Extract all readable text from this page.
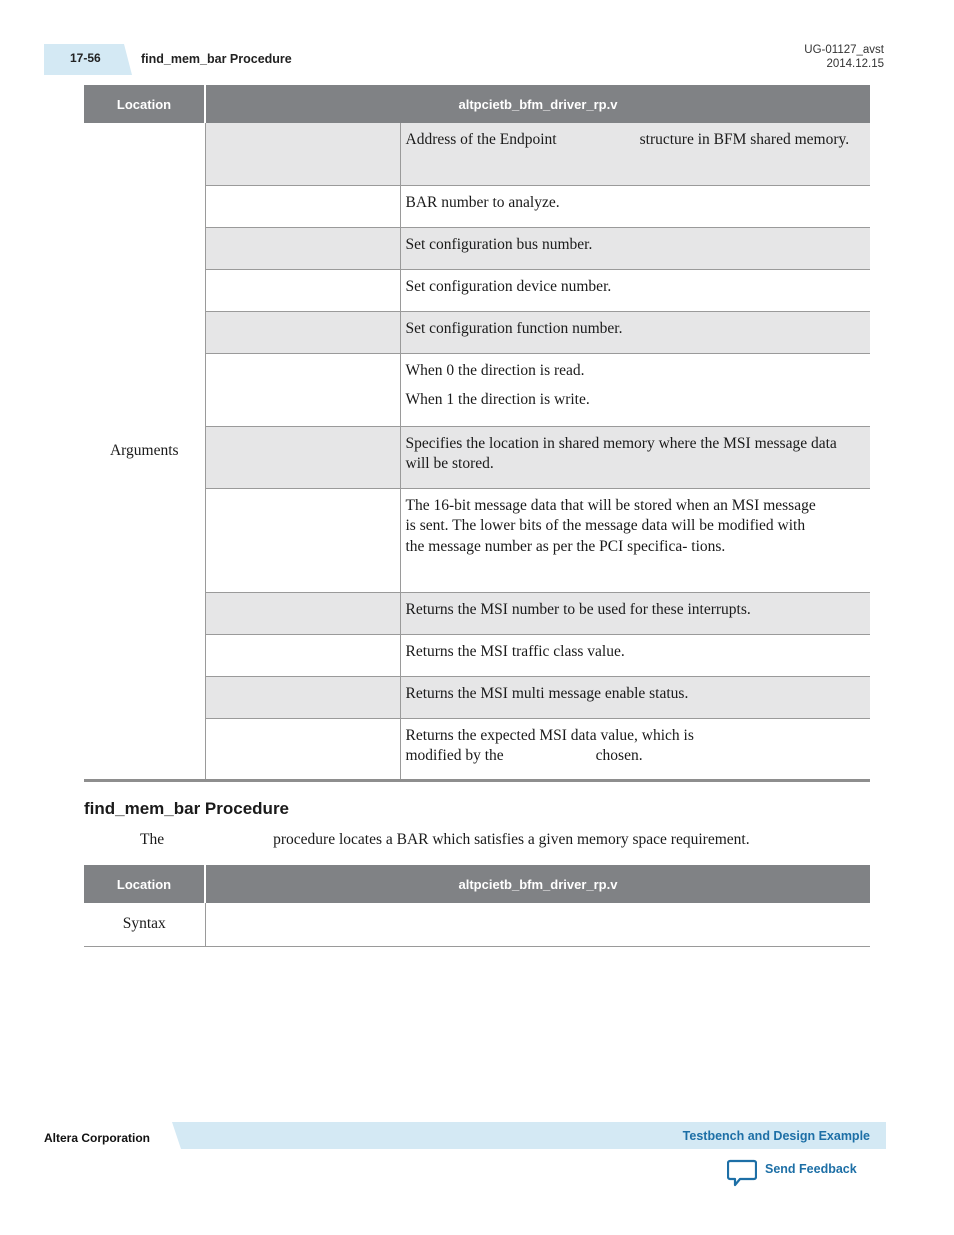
17-56	find_mem_bar Procedure
UG-01127_avst
2014.12.15
Location	altpcietb_bfm_driver_rp.v	
Arguments		Address of the Endpoint structure in BFM shared memory.
		BAR number to analyze.
		Set configuration bus number.
		Set configuration device number.
		Set configuration function number.

		When 0 the direction is read.

When 1 the direction is write.

		Specifies the location in shared memory where the MSI message data will be stored.
		The 16-bit message data that will be stored when an MSI message is sent. The lower bits of the message data will be modified with the message number as per the PCI specifica- tions.
		Returns the MSI number to be used for these interrupts.
		Returns the MSI traffic class value.
		Returns the MSI multi message enable status.
		Returns the expected MSI data value, which is modified by the chosen.
find_mem_bar Procedure
The	procedure locates a BAR which satisfies a given memory space requirement.
Location	altpcietb_bfm_driver_rp.v
Syntax	
Altera Corporation	Testbench and Design Example
Send Feedback
